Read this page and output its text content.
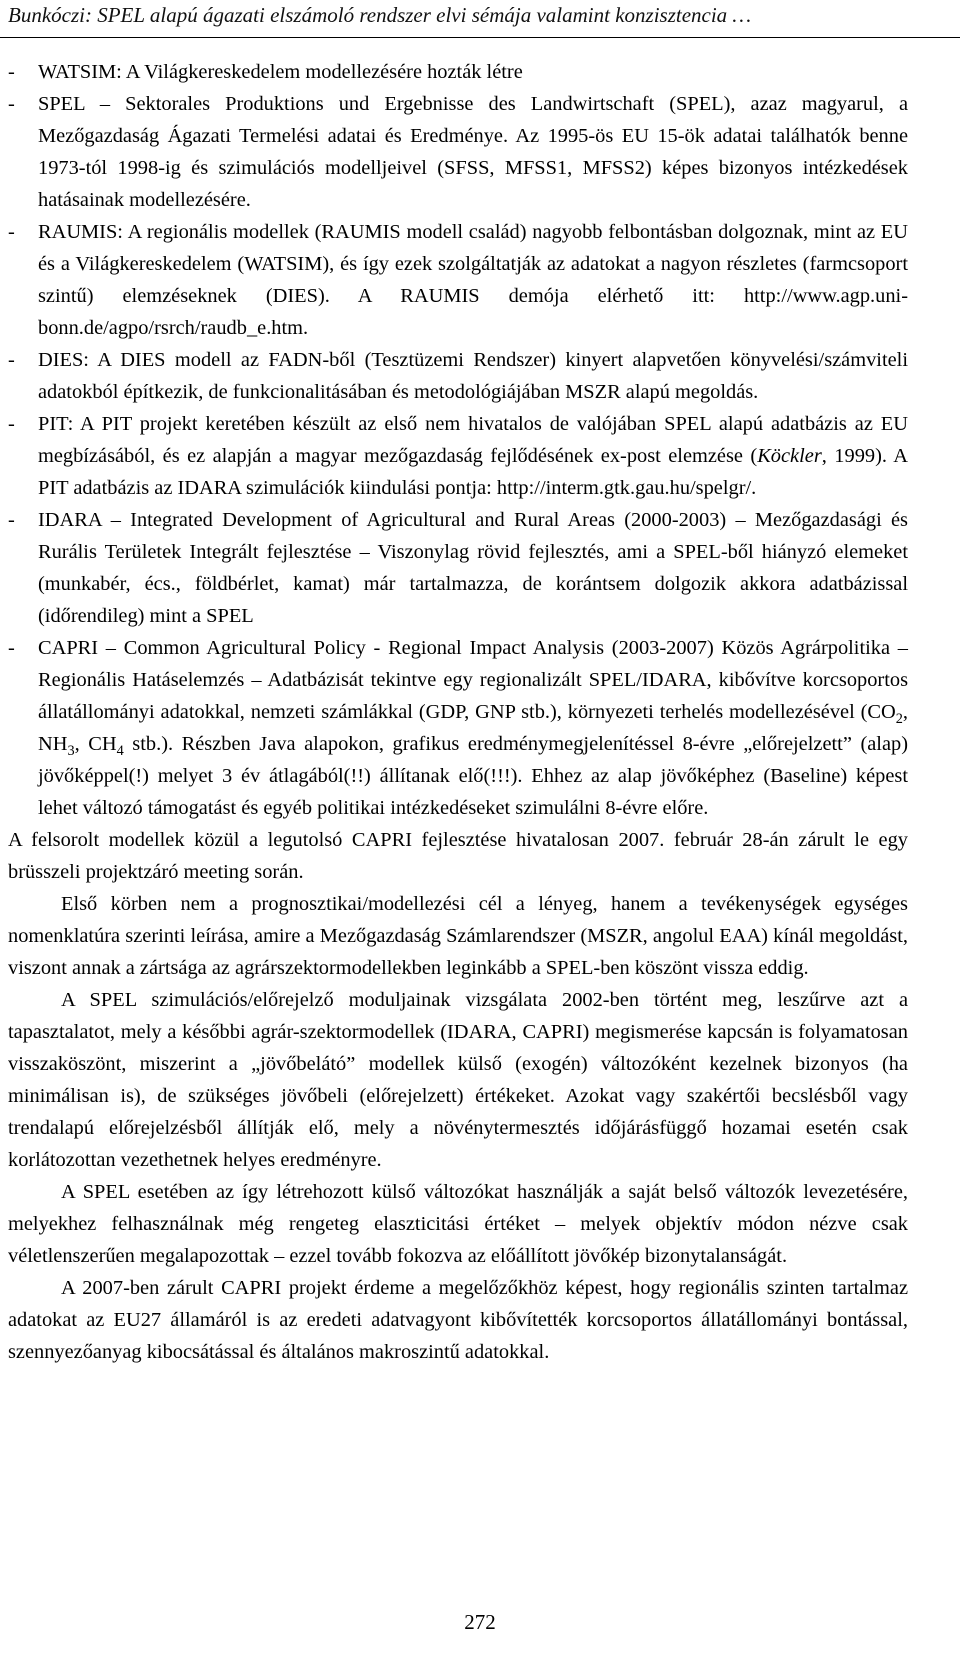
Bunkóczi: SPEL alapú ágazati elszámoló rendszer elvi sémája valamint konzisztencia …
- WATSIM: A Világkereskedelem modellezésére hozták létre
- SPEL – Sektorales Produktions und Ergebnisse des Landwirtschaft (SPEL), azaz magyarul, a Mezőgazdaság Ágazati Termelési adatai és Eredménye. Az 1995-ös EU 15-ök adatai találhatók benne 1973-tól 1998-ig és szimulációs modelljeivel (SFSS, MFSS1, MFSS2) képes bizonyos intézkedések hatásainak modellezésére.
- RAUMIS: A regionális modellek (RAUMIS modell család) nagyobb felbontásban dolgoznak, mint az EU és a Világkereskedelem (WATSIM), és így ezek szolgáltatják az adatokat a nagyon részletes (farmcsoport szintű) elemzéseknek (DIES). A RAUMIS demója elérhető itt: http://www.agp.uni-bonn.de/agpo/rsrch/raudb_e.htm.
- DIES: A DIES modell az FADN-ből (Tesztüzemi Rendszer) kinyert alapvetően könyvelési/számviteli adatokból építkezik, de funkcionalitásában és metodológiájában MSZR alapú megoldás.
- PIT: A PIT projekt keretében készült az első nem hivatalos de valójában SPEL alapú adatbázis az EU megbízásából, és ez alapján a magyar mezőgazdaság fejlődésének ex-post elemzése (Köckler, 1999). A PIT adatbázis az IDARA szimulációk kiindulási pontja: http://interm.gtk.gau.hu/spelgr/.
- IDARA – Integrated Development of Agricultural and Rural Areas (2000-2003) – Mezőgazdasági és Rurális Területek Integrált fejlesztése – Viszonylag rövid fejlesztés, ami a SPEL-ből hiányzó elemeket (munkabér, écs., földbérlet, kamat) már tartalmazza, de korántsem dolgozik akkora adatbázissal (időrendileg) mint a SPEL
- CAPRI – Common Agricultural Policy - Regional Impact Analysis (2003-2007) Közös Agrárpolitika – Regionális Hatáselemzés – Adatbázisát tekintve egy regionalizált SPEL/IDARA, kibővítve korcsoportos állatállományi adatokkal, nemzeti számlákkal (GDP, GNP stb.), környezeti terhelés modellezésével ($CO_2$, $NH_3$, $CH_4$ stb.). Részben Java alapokon, grafikus eredménymegjelenítéssel 8-évre „előrejelzett” (alap) jövőképpel(!) melyet 3 év átlagából(!!) állítanak elő(!!!). Ehhez az alap jövőképhez (Baseline) képest lehet változó támogatást és egyéb politikai intézkedéseket szimulálni 8-évre előre.

A felsorolt modellek közül a legutolsó CAPRI fejlesztése hivatalosan 2007. február 28-án zárult le egy brüsszeli projektzáró meeting során.

Első körben nem a prognosztikai/modellezési cél a lényeg, hanem a tevékenységek egységes nomenklatúra szerinti leírása, amire a Mezőgazdaság Számlarendszer (MSZR, angolul EAA) kínál megoldást, viszont annak a zártsága az agrárszektormodellekben leginkább a SPEL-ben köszönt vissza eddig.

A SPEL szimulációs/előrejelző moduljainak vizsgálata 2002-ben történt meg, leszűrve azt a tapasztalatot, mely a későbbi agrár-szektormodellek (IDARA, CAPRI) megismerése kapcsán is folyamatosan visszaköszönt, miszerint a „jövőbelátó” modellek külső (exogén) változóként kezelnek bizonyos (ha minimálisan is), de szükséges jövőbeli (előrejelzett) értékeket. Azokat vagy szakértői becslésből vagy trendalapú előrejelzésből állítják elő, mely a növénytermesztés időjárásfüggő hozamai esetén csak korlátozottan vezethetnek helyes eredményre.

A SPEL esetében az így létrehozott külső változókat használják a saját belső változók levezetésére, melyekhez felhasználnak még rengeteg elaszticitási értéket – melyek objektív módon nézve csak véletlenszerűen megalapozottak – ezzel tovább fokozva az előállított jövőkép bizonytalanságát.

A 2007-ben zárult CAPRI projekt érdeme a megelőzőkhöz képest, hogy regionális szinten tartalmaz adatokat az EU27 államáról is az eredeti adatvagyont kibővítették korcsoportos állatállományi bontással, szennyezőanyag kibocsátással és általános makroszintű adatokkal.

272
